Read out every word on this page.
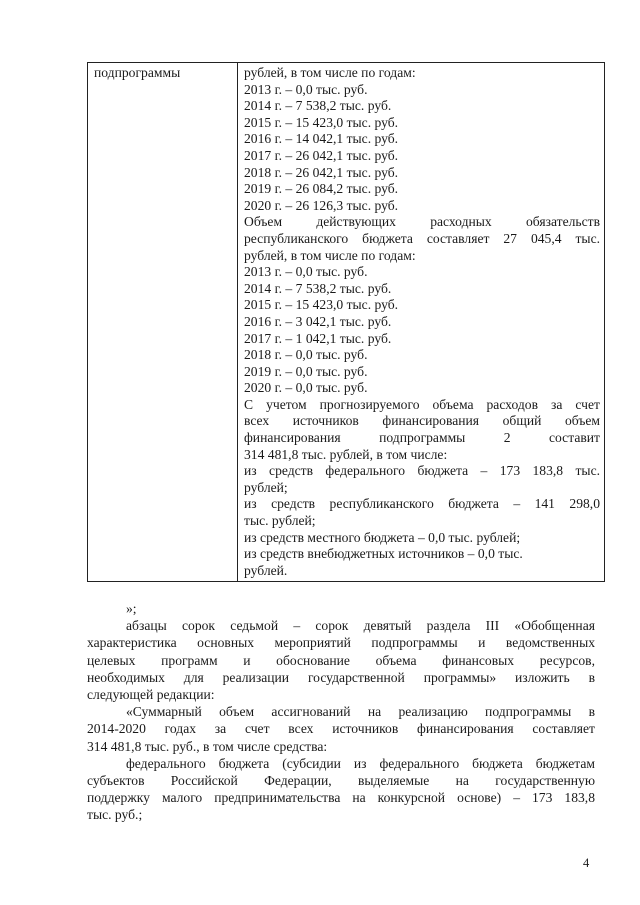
подпрограммы	рублей, в том числе по годам:
2013 г. – 0,0 тыс. руб.
2014 г. – 7 538,2 тыс. руб.
2015 г. – 15 423,0 тыс. руб.
2016 г. – 14 042,1 тыс. руб.
2017 г. – 26 042,1 тыс. руб.
2018 г. – 26 042,1 тыс. руб.
2019 г. – 26 084,2 тыс. руб.
2020 г. – 26 126,3 тыс. руб.
Объем действующих расходных обязательств
республиканского бюджета составляет 27 045,4 тыс.
рублей, в том числе по годам:
2013 г. – 0,0 тыс. руб.
2014 г. – 7 538,2 тыс. руб.
2015 г. – 15 423,0 тыс. руб.
2016 г. – 3 042,1 тыс. руб.
2017 г. – 1 042,1 тыс. руб.
2018 г. – 0,0 тыс. руб.
2019 г. – 0,0 тыс. руб.
2020 г. – 0,0 тыс. руб.
С учетом прогнозируемого объема расходов за счет
всех источников финансирования общий объем
финансирования подпрограммы 2 составит
314 481,8 тыс. рублей, в том числе:
из средств федерального бюджета – 173 183,8 тыс.
рублей;
из средств республиканского бюджета – 141 298,0
тыс. рублей;
из средств местного бюджета – 0,0 тыс. рублей;
из средств внебюджетных источников – 0,0 тыс.
рублей.
»;
абзацы сорок седьмой – сорок девятый раздела III «Обобщенная
характеристика основных мероприятий подпрограммы и ведомственных
целевых программ и обоснование объема финансовых ресурсов,
необходимых для реализации государственной программы» изложить в
следующей редакции:
«Суммарный объем ассигнований на реализацию подпрограммы в
2014-2020 годах за счет всех источников финансирования составляет
314 481,8 тыс. руб., в том числе средства:
федерального бюджета (субсидии из федерального бюджета бюджетам
субъектов Российской Федерации, выделяемые на государственную
поддержку малого предпринимательства на конкурсной основе) – 173 183,8
тыс. руб.;
4
